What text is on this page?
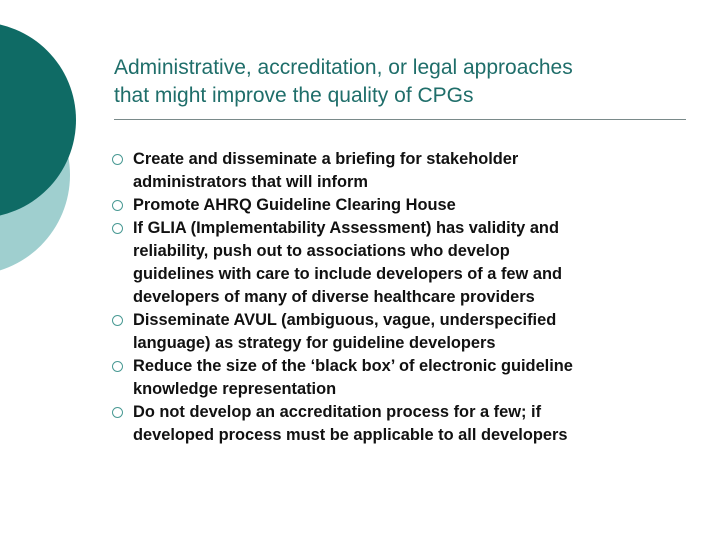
Administrative, accreditation, or legal approaches
that might improve the quality of CPGs
Create and disseminate a briefing for stakeholder
administrators that will inform
Promote AHRQ Guideline Clearing House
If GLIA (Implementability Assessment) has validity and
reliability, push out to associations who develop
guidelines with care to include developers of a few and
developers of many of diverse healthcare providers
Disseminate AVUL (ambiguous, vague, underspecified
language) as strategy for guideline developers
Reduce the size of the ‘black box’ of electronic guideline
knowledge representation
Do not develop an accreditation process for a few; if
developed process must be applicable to all developers
